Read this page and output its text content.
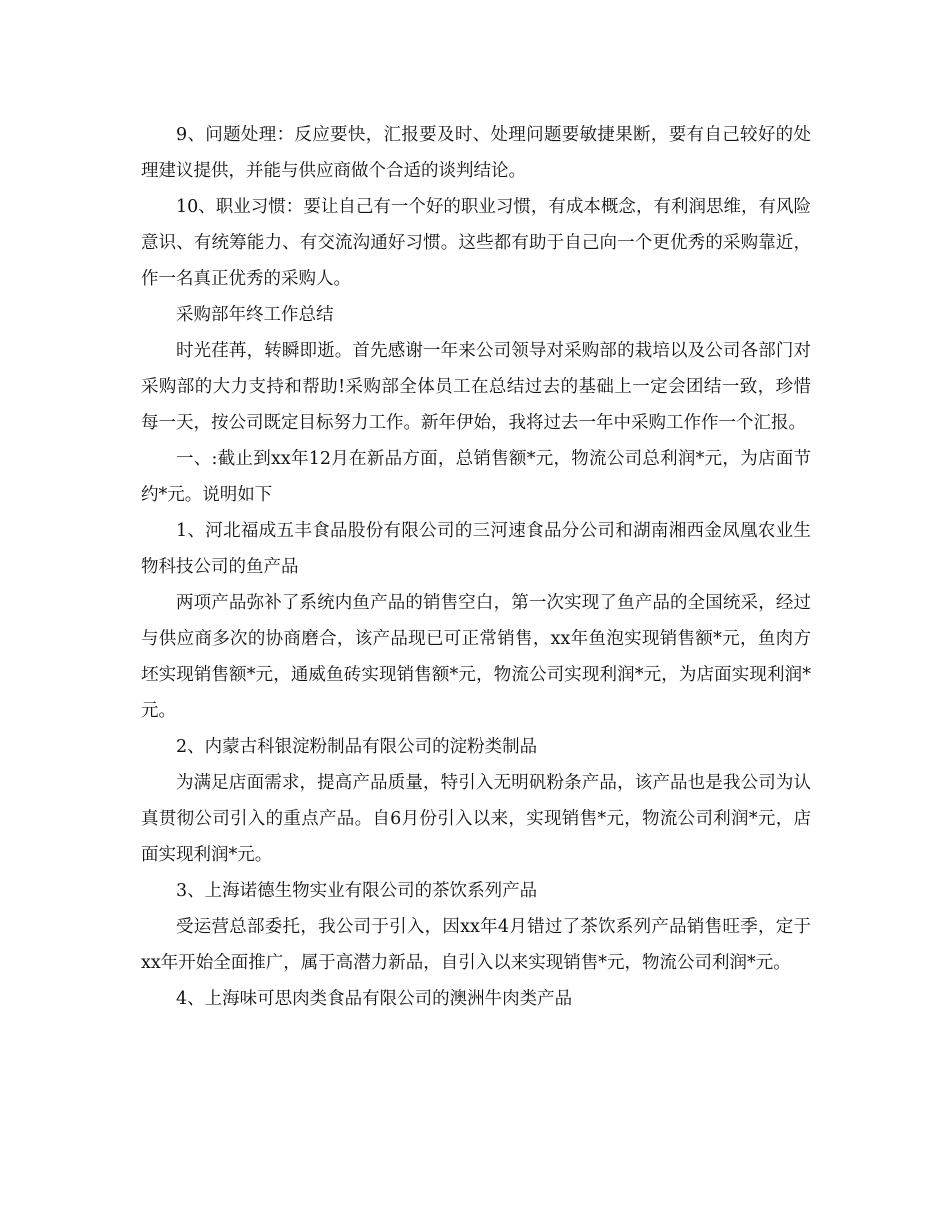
9、问题处理：反应要快，汇报要及时、处理问题要敏捷果断，要有自己较好的处理建议提供，并能与供应商做个合适的谈判结论。

10、职业习惯：要让自己有一个好的职业习惯，有成本概念，有利润思维，有风险意识、有统筹能力、有交流沟通好习惯。这些都有助于自己向一个更优秀的采购靠近，作一名真正优秀的采购人。

采购部年终工作总结

时光荏苒，转瞬即逝。首先感谢一年来公司领导对采购部的栽培以及公司各部门对采购部的大力支持和帮助!采购部全体员工在总结过去的基础上一定会团结一致，珍惜每一天，按公司既定目标努力工作。新年伊始，我将过去一年中采购工作作一个汇报。

一、:截止到xx年12月在新品方面，总销售额*元，物流公司总利润*元，为店面节约*元。说明如下

1、河北福成五丰食品股份有限公司的三河速食品分公司和湖南湘西金凤凰农业生物科技公司的鱼产品

两项产品弥补了系统内鱼产品的销售空白，第一次实现了鱼产品的全国统采，经过与供应商多次的协商磨合，该产品现已可正常销售，xx年鱼泡实现销售额*元，鱼肉方坯实现销售额*元，通威鱼砖实现销售额*元，物流公司实现利润*元，为店面实现利润*元。

2、内蒙古科银淀粉制品有限公司的淀粉类制品

为满足店面需求，提高产品质量，特引入无明矾粉条产品，该产品也是我公司为认真贯彻公司引入的重点产品。自6月份引入以来，实现销售*元，物流公司利润*元，店面实现利润*元。

3、上海诺德生物实业有限公司的茶饮系列产品

受运营总部委托，我公司于引入，因xx年4月错过了茶饮系列产品销售旺季，定于xx年开始全面推广，属于高潜力新品，自引入以来实现销售*元，物流公司利润*元。

4、上海味可思肉类食品有限公司的澳洲牛肉类产品
